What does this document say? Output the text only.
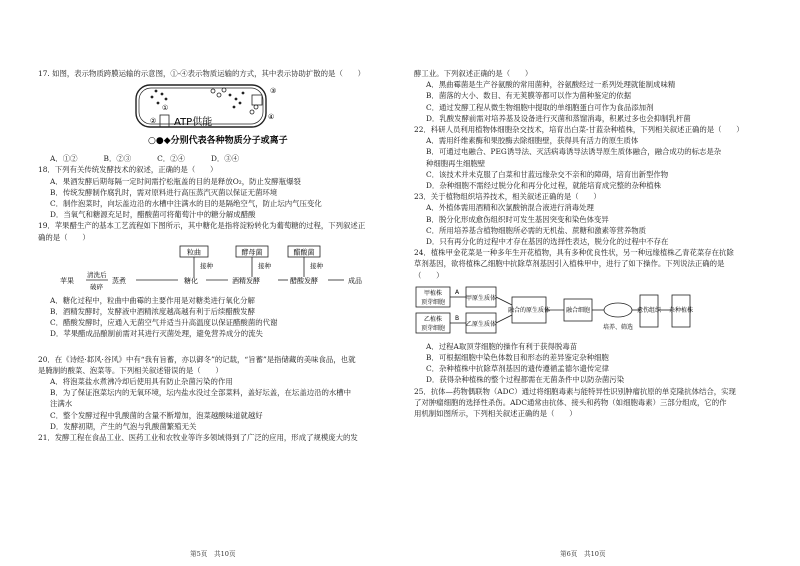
17. 如图，表示物质跨膜运输的示意图，①-④表示物质运输的方式，其中表示协助扩散的是（　　）

ATP供能
①
②
③
④
○●◆分别代表各种物质分子或离子
A．①②	B．②③	C．②④	D．③④

18．下列有关传统发酵技术的叙述，正确的是（　　）

A．果酒发酵后期每隔一定时间需拧松瓶盖的目的是释放O₂，防止发酵瓶爆裂

B．传统发酵制作腐乳时，需对原料进行高压蒸汽灭菌以保证无菌环境

C．制作泡菜时，向坛盖边沿的水槽中注满水的目的是隔绝空气，防止坛内气压变化

D．当氧气和糖源充足时，醋酸菌可将葡萄汁中的糖分解成醋酸

19．苹果醋生产的基本工艺流程如下图所示，其中糖化是指将淀粉转化为葡萄糖的过程，下列叙述正

确的是（　　）

粒曲	酵母菌	醋酸菌
接种	接种	接种
清洗后
破碎
苹果	蒸煮	糖化	酒精发酵	醋酸发酵	成品

A．糖化过程中，粒曲中曲霉的主要作用是对糖类进行氧化分解

B．酒精发酵时，发酵液中酒精浓度越高越有利于后续醋酸发酵

C．醋酸发酵时，应通入无菌空气并适当升高温度以保证醋酸菌的代谢

D．苹果醋成品酿制前需对其进行灭菌处理，避免营养成分的流失

20．在《诗经·邶风·谷风》中有“我有旨蓄，亦以御冬”的记载，“旨蓄”是指储藏的美味食品，也就

是腌制的酸菜、泡菜等。下列相关叙述错误的是（　　）

A．将泡菜盐水煮沸冷却后使用具有防止杂菌污染的作用

B．为了保证泡菜坛内的无氧环境，坛内盐水没过全部菜料，盖好坛盖，在坛盖边沿的水槽中

注满水

C．整个发酵过程中乳酸菌的含量不断增加，泡菜越酸味道就越好

D．发酵初期，产生的气泡与乳酸菌繁殖无关

21．发酵工程在食品工业、医药工业和农牧业等许多领域得到了广泛的应用，形成了规模庞大的发

第5页　共10页

酵工业。下列叙述正确的是（　　）

A．黑曲霉菌是生产谷氨酸的常用菌种，谷氨酸经过一系列处理就能制成味精

B．菌落的大小、数目、有无荚膜等都可以作为菌种鉴定的依据

C．通过发酵工程从微生物细胞中提取的单细胞蛋白可作为食品添加剂

D．乳酸发酵前需对培养基及设备进行灭菌和蒸馏消毒，积累过多也会抑制乳杆菌

22．科研人员利用植物体细胞杂交技术，培育出白菜-甘蓝杂种植株，下列相关叙述正确的是（　　）

A．需用纤维素酶和果胶酶去除细胞壁，获得具有活力的原生质体

B．可通过电融合、PEG诱导法、灭活病毒诱导法诱导原生质体融合，融合成功的标志是杂

种细胞再生细胞壁

C．该技术并未克服了白菜和甘蓝远缘杂交不亲和的障碍，培育出新型作物

D．杂种细胞不需经过脱分化和再分化过程，就能培育成完整的杂种植株

23．关于植物组织培养技术，相关叙述正确的是（　　）

A．外植体需用酒精和次氯酸钠混合液进行消毒处理

B．脱分化形成愈伤组织时可发生基因突变和染色体变异

C．所用培养基含植物细胞所必需的无机盐、蔗糖和激素等营养物质

D．只有再分化的过程中才存在基因的选择性表达，脱分化的过程中不存在

24．植株甲金花菜是一种多年生开花植物，具有多种优良性状，另一种远缘植株乙青花菜存在抗除

草剂基因，欲将植株乙细胞中抗除草剂基因引入植株甲中，进行了如下操作。下列说法正确的是

（　　）

甲植株
顶芽细胞
乙植株
顶芽细胞
A
B
甲原生质体
乙原生质体
融合的原生质体	融合细胞
培养、筛选
愈伤组织 杂种植株

A．过程A取顶芽细胞的操作有利于获得脱毒苗

B．可根据细胞中染色体数目和形态的差异鉴定杂种细胞

C．杂种植株中抗除草剂基因的遗传遵循孟德尔遗传定律

D．获得杂种植株的整个过程都需在无菌条件中以防杂菌污染

25．抗体—药物偶联物（ADC）通过将细胞毒素与能特异性识别肿瘤抗原的单克隆抗体结合，实现

了对肿瘤细胞的选择性杀伤。ADC通常由抗体、接头和药物（如细胞毒素）三部分组成，它的作

用机制如图所示，下列相关叙述正确的是（　　）

第6页　共10页
